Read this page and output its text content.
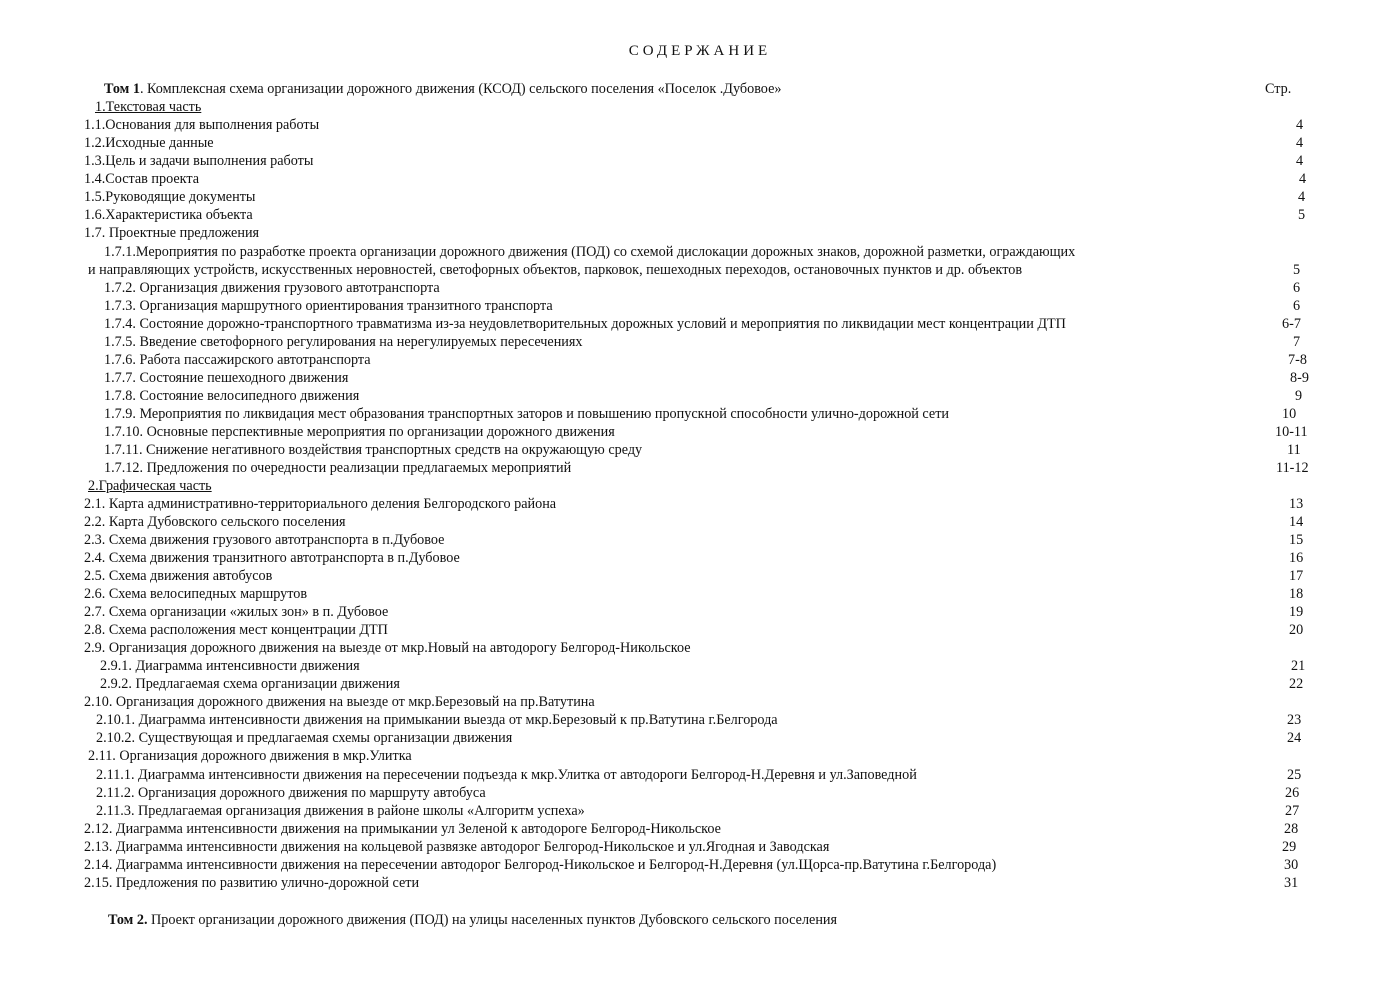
СОДЕРЖАНИЕ
Том 1. Комплексная схема организации дорожного движения (КСОД) сельского поселения «Поселок .Дубовое»	Стр.
1.Текстовая часть
1.1.Основания для выполнения работы	4
1.2.Исходные данные	4
1.3.Цель и задачи выполнения работы	4
1.4.Состав проекта	4
1.5.Руководящие документы	4
1.6.Характеристика объекта	5
1.7. Проектные предложения
1.7.1.Мероприятия по разработке проекта организации дорожного движения (ПОД) со схемой дислокации дорожных знаков, дорожной разметки, ограждающих
и направляющих устройств, искусственных неровностей, светофорных объектов, парковок, пешеходных переходов, остановочных пунктов и др. объектов	5
1.7.2. Организация движения грузового автотранспорта	6
1.7.3. Организация маршрутного ориентирования транзитного транспорта	6
1.7.4. Состояние дорожно-транспортного травматизма из-за неудовлетворительных дорожных условий и мероприятия по ликвидации мест концентрации ДТП	6-7
1.7.5. Введение светофорного регулирования на нерегулируемых пересечениях	7
1.7.6. Работа пассажирского автотранспорта	7-8
1.7.7. Состояние пешеходного движения	8-9
1.7.8. Состояние велосипедного движения	9
1.7.9. Мероприятия по ликвидация мест образования транспортных заторов и повышению пропускной способности улично-дорожной сети	10
1.7.10. Основные перспективные мероприятия по организации дорожного движения	10-11
1.7.11. Снижение негативного воздействия транспортных средств на окружающую среду	11
1.7.12. Предложения по очередности реализации предлагаемых мероприятий	11-12
2.Графическая часть
2.1. Карта административно-территориального деления Белгородского района	13
2.2. Карта Дубовского сельского поселения	14
2.3. Схема движения грузового автотранспорта в п.Дубовое	15
2.4. Схема движения транзитного автотранспорта в п.Дубовое	16
2.5. Схема движения автобусов	17
2.6. Схема велосипедных маршрутов	18
2.7. Схема организации «жилых зон» в п. Дубовое	19
2.8. Схема расположения мест концентрации ДТП	20
2.9. Организация дорожного движения на выезде от мкр.Новый на автодорогу Белгород-Никольское
2.9.1. Диаграмма интенсивности движения	21
2.9.2. Предлагаемая схема организации движения	22
2.10. Организация дорожного движения на выезде от мкр.Березовый на пр.Ватутина
2.10.1. Диаграмма интенсивности движения на примыкании выезда от мкр.Березовый к пр.Ватутина г.Белгорода	23
2.10.2. Существующая и предлагаемая схемы организации движения	24
2.11. Организация дорожного движения в мкр.Улитка
2.11.1. Диаграмма интенсивности движения на пересечении подъезда к мкр.Улитка от автодороги Белгород-Н.Деревня и ул.Заповедной	25
2.11.2. Организация дорожного движения по маршруту автобуса	26
2.11.3. Предлагаемая организация движения в районе школы «Алгоритм успеха»	27
2.12. Диаграмма интенсивности движения на примыкании ул Зеленой к автодороге Белгород-Никольское	28
2.13. Диаграмма интенсивности движения на кольцевой развязке автодорог Белгород-Никольское и ул.Ягодная и Заводская	29
2.14. Диаграмма интенсивности движения на пересечении автодорог Белгород-Никольское и Белгород-Н.Деревня (ул.Щорса-пр.Ватутина г.Белгорода)	30
2.15. Предложения по развитию улично-дорожной сети	31
Том 2. Проект организации дорожного движения (ПОД) на улицы населенных пунктов Дубовского сельского поселения
